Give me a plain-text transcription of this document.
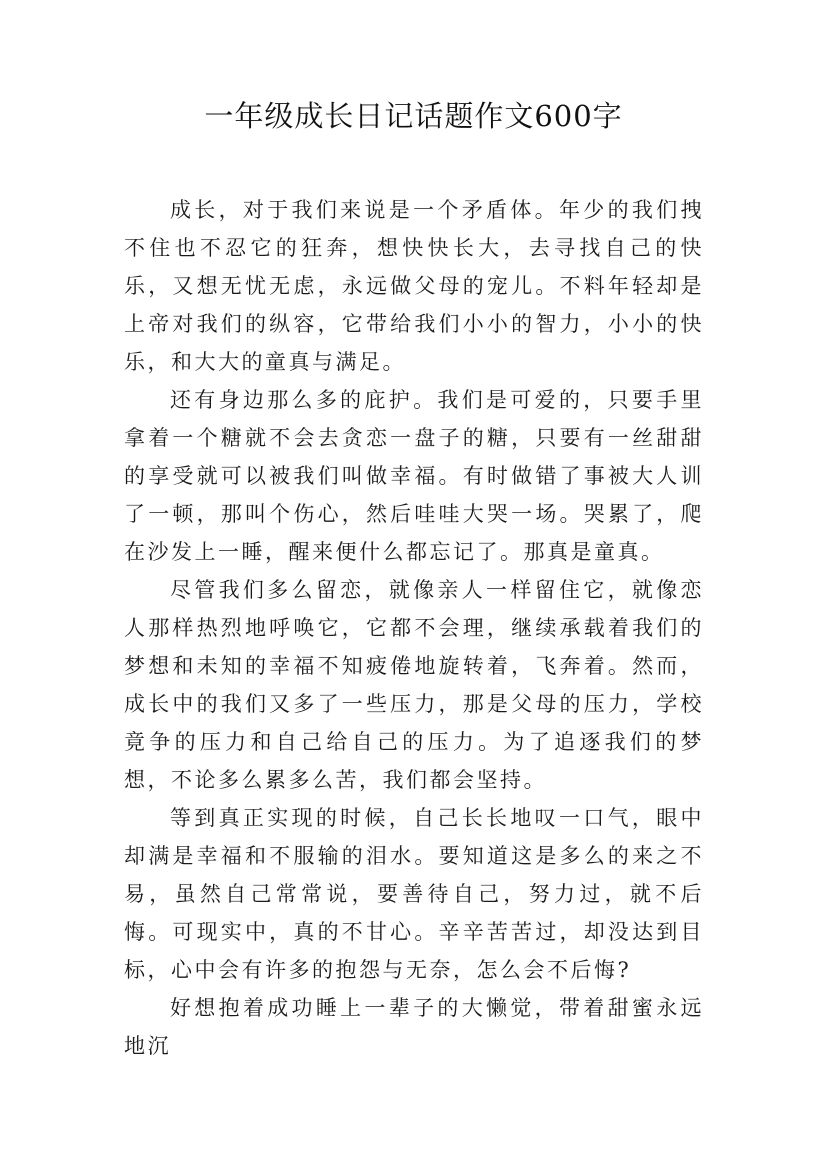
一年级成长日记话题作文600字

成长，对于我们来说是一个矛盾体。年少的我们拽不住也不忍它的狂奔，想快快长大，去寻找自己的快乐，又想无忧无虑，永远做父母的宠儿。不料年轻却是上帝对我们的纵容，它带给我们小小的智力，小小的快乐，和大大的童真与满足。

还有身边那么多的庇护。我们是可爱的，只要手里拿着一个糖就不会去贪恋一盘子的糖，只要有一丝甜甜的享受就可以被我们叫做幸福。有时做错了事被大人训了一顿，那叫个伤心，然后哇哇大哭一场。哭累了，爬在沙发上一睡，醒来便什么都忘记了。那真是童真。

尽管我们多么留恋，就像亲人一样留住它，就像恋人那样热烈地呼唤它，它都不会理，继续承载着我们的梦想和未知的幸福不知疲倦地旋转着，飞奔着。然而，成长中的我们又多了一些压力，那是父母的压力，学校竟争的压力和自己给自己的压力。为了追逐我们的梦想，不论多么累多么苦，我们都会坚持。

等到真正实现的时候，自己长长地叹一口气，眼中却满是幸福和不服输的泪水。要知道这是多么的来之不易，虽然自己常常说，要善待自己，努力过，就不后悔。可现实中，真的不甘心。辛辛苦苦过，却没达到目标，心中会有许多的抱怨与无奈，怎么会不后悔?

好想抱着成功睡上一辈子的大懒觉，带着甜蜜永远地沉
